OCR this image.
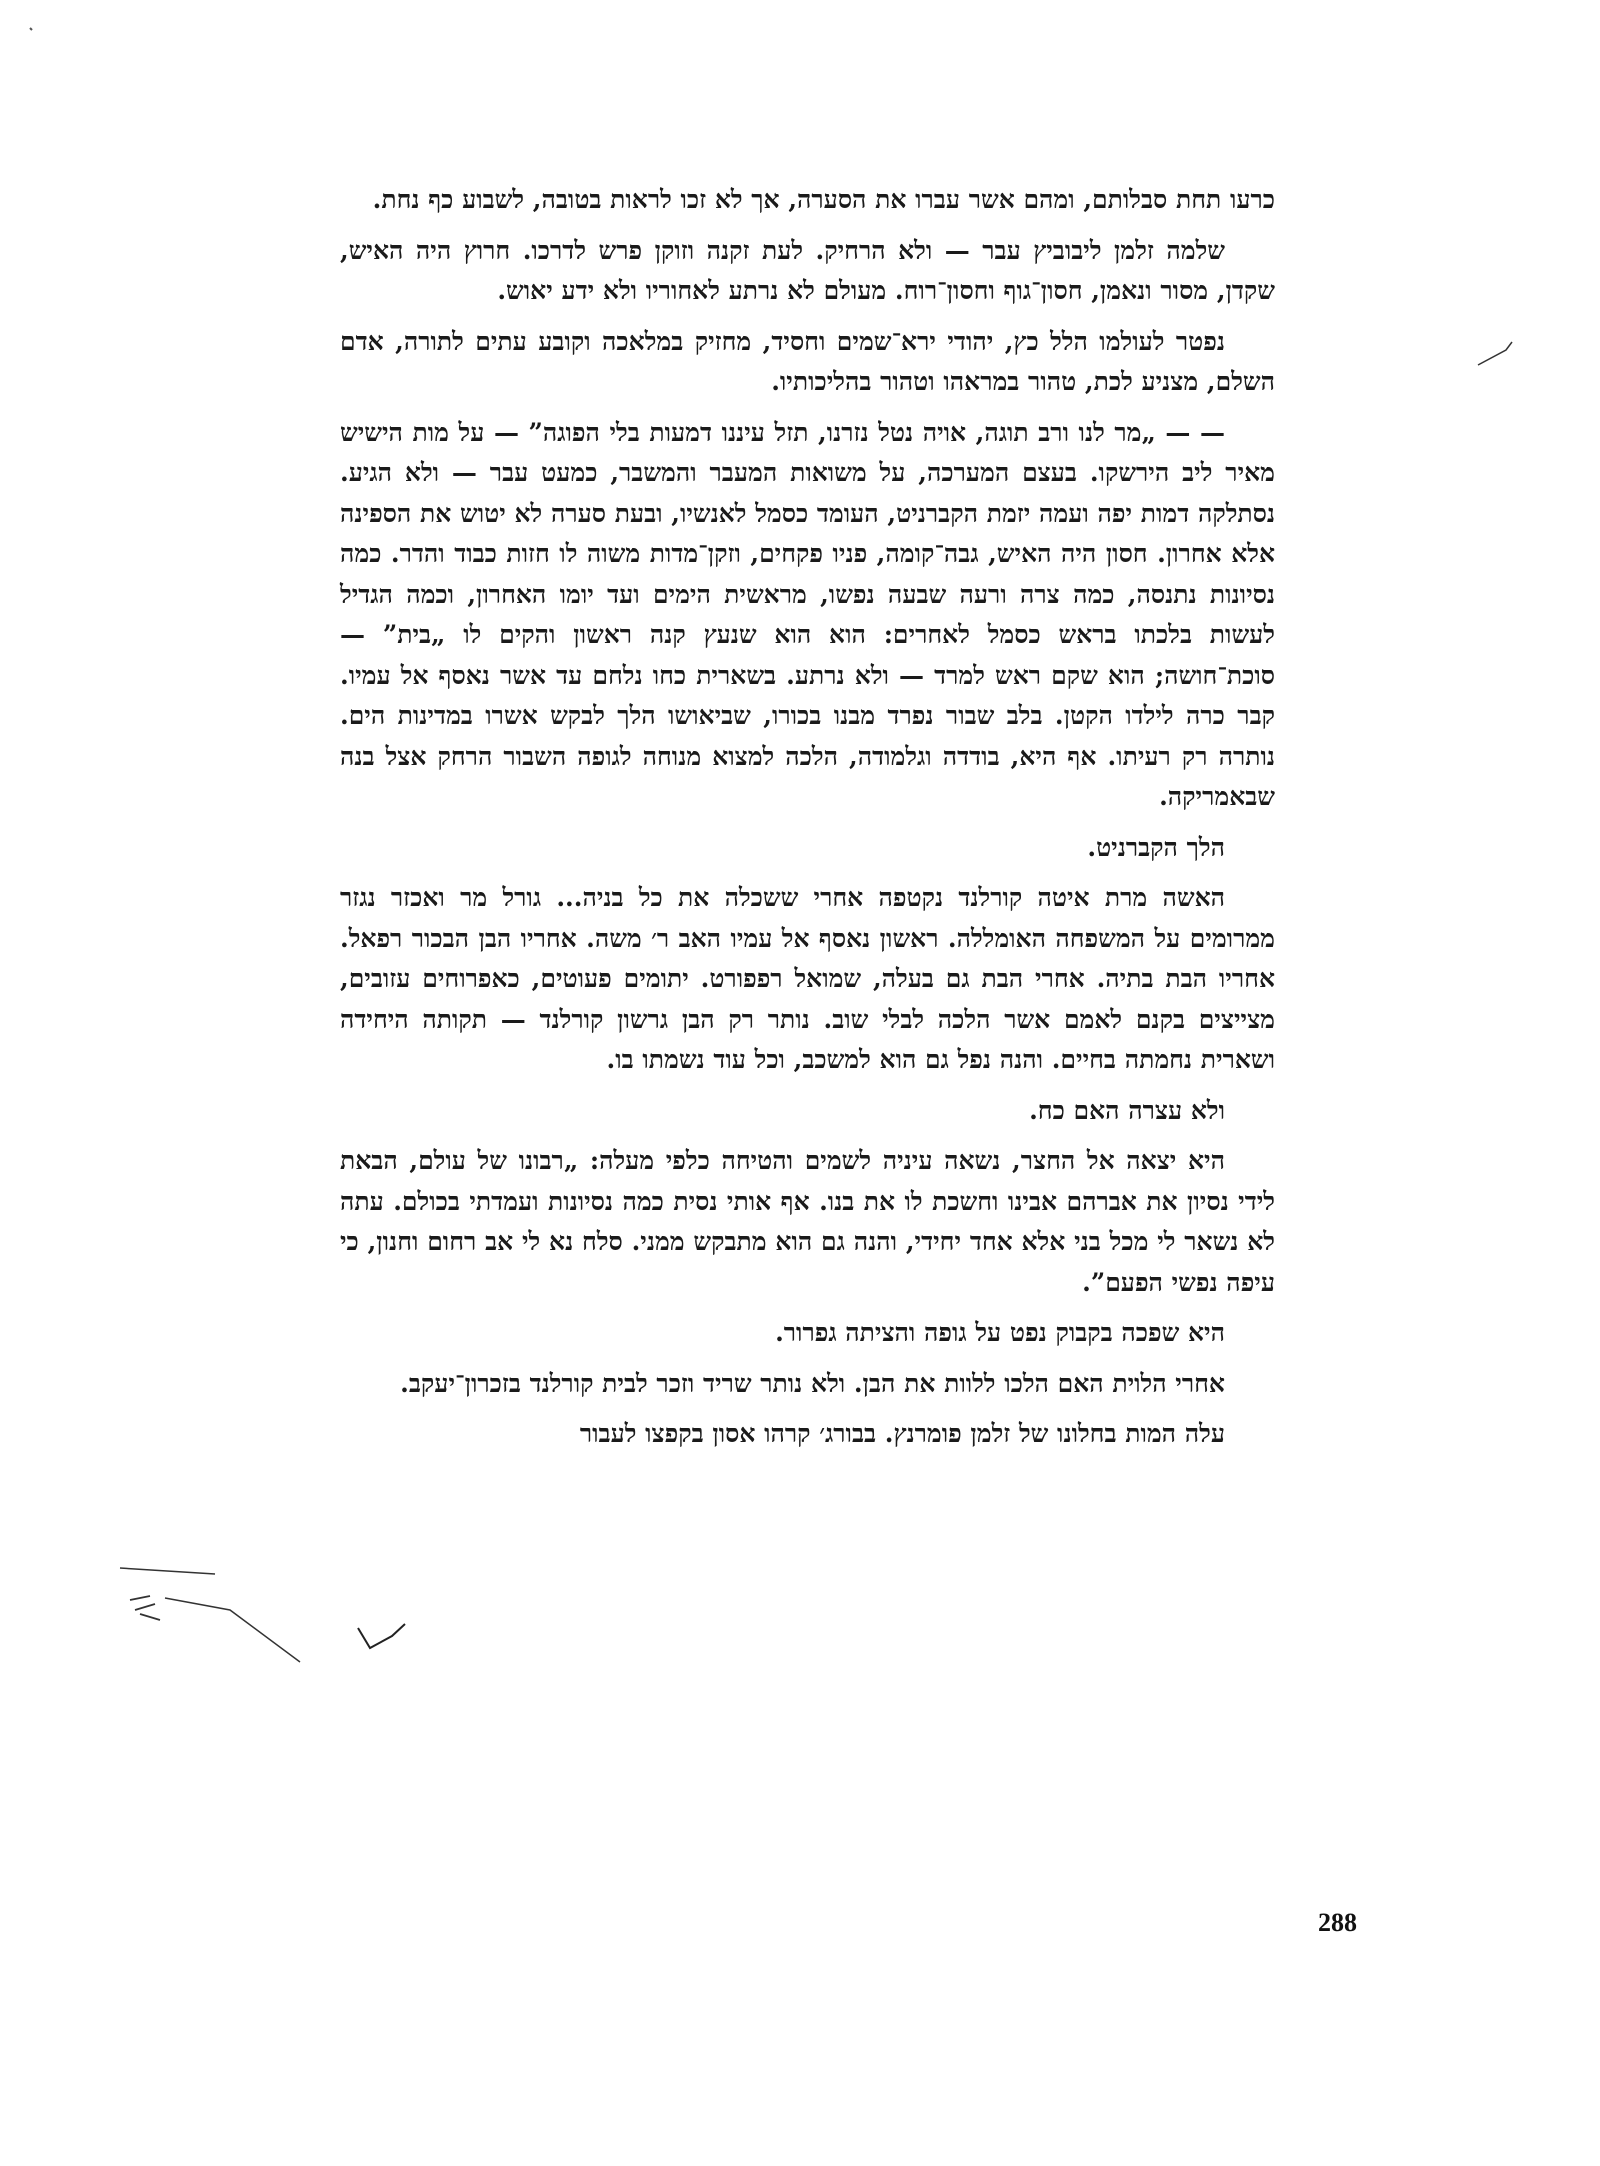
כרעו תחת סבלותם, ומהם אשר עברו את הסערה, אך לא זכו לראות בטובה, לשבוע כף נחת.

שלמה זלמן ליבוביץ עבר — ולא הרחיק. לעת זקנה וזוקן פרש לדרכו. חרוץ היה האיש, שקדן, מסור ונאמן, חסון־גוף וחסון־רוח. מעולם לא נרתע לאחוריו ולא ידע יאוש.

נפטר לעולמו הלל כץ, יהודי ירא־שמים וחסיד, מחזיק במלאכה וקובע עתים לתורה, אדם השלם, מצניע לכת, טהור במראהו וטהור בהליכותיו.

— — „מר לנו ורב תוגה, אויה נטל נזרנו, תזל עיננו דמעות בלי הפוגה” — על מות הישיש מאיר ליב הירשקו. בעצם המערכה, על משואות המעבר והמשבר, כמעט עבר — ולא הגיע. נסתלקה דמות יפה ועמה יזמת הקברניט, העומד כסמל לאנשיו, ובעת סערה לא יטוש את הספינה אלא אחרון. חסון היה האיש, גבה־קומה, פניו פקחים, וזקן־מדות משוה לו חזות כבוד והדר. כמה נסיונות נתנסה, כמה צרה ורעה שבעה נפשו, מראשית הימים ועד יומו האחרון, וכמה הגדיל לעשות בלכתו בראש כסמל לאחרים: הוא הוא שנעץ קנה ראשון והקים לו „בית” — סוכת־חושה; הוא שקם ראש למרד — ולא נרתע. בשארית כחו נלחם עד אשר נאסף אל עמיו. קבר כרה לילדו הקטן. בלב שבור נפרד מבנו בכורו, שביאושו הלך לבקש אשרו במדינות הים. נותרה רק רעיתו. אף היא, בודדה וגלמודה, הלכה למצוא מנוחה לגופה השבור הרחק אצל בנה שבאמריקה.

הלך הקברניט.

האשה מרת איטה קורלנד נקטפה אחרי ששכלה את כל בניה... גורל מר ואכזר נגזר ממרומים על המשפחה האומללה. ראשון נאסף אל עמיו האב ר׳ משה. אחריו הבן הבכור רפאל. אחריו הבת בתיה. אחרי הבת גם בעלה, שמואל רפפורט. יתומים פעוטים, כאפרוחים עזובים, מצייצים בקנם לאמם אשר הלכה לבלי שוב. נותר רק הבן גרשון קורלנד — תקותה היחידה ושארית נחמתה בחיים. והנה נפל גם הוא למשכב, וכל עוד נשמתו בו.

ולא עצרה האם כח.

היא יצאה אל החצר, נשאה עיניה לשמים והטיחה כלפי מעלה: „רבונו של עולם, הבאת לידי נסיון את אברהם אבינו וחשכת לו את בנו. אף אותי נסית כמה נסיונות ועמדתי בכולם. עתה לא נשאר לי מכל בני אלא אחד יחידי, והנה גם הוא מתבקש ממני. סלח נא לי אב רחום וחנון, כי עיפה נפשי הפעם”.

היא שפכה בקבוק נפט על גופה והציתה גפרור.

אחרי הלוית האם הלכו ללוות את הבן. ולא נותר שריד וזכר לבית קורלנד בזכרון־יעקב.

עלה המות בחלונו של זלמן פומרנץ. בבורג׳ קרהו אסון בקפצו לעבור

288
